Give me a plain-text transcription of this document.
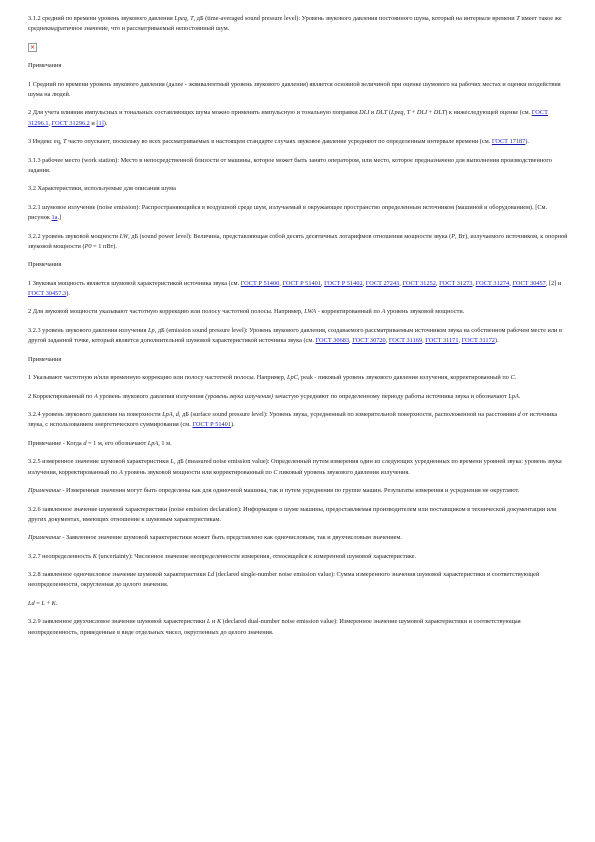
3.1.2 средний по времени уровень звукового давления Lpeq, T, дБ (time-averaged sound pressure level): Уровень звукового давления постоянного шума, который на интервале времени T имеет такое же среднеквадратичное значение, что и рассматриваемый непостоянный шум.
×
Примечания
1 Средний по времени уровень звукового давления (далее - эквивалентный уровень звукового давления) является основной величиной при оценке шумового на рабочих местах и оценки воздействия шума на людей.
2 Для учета влияния импульсных и тональных составляющих шума можно применять импульсную и тональную поправки DLI и DLT (Lpeq, T + DLI + DLT) к нижеследующей оценке (см. ГОСТ 31296.1, ГОСТ 31296.2 и [1]).
3 Индекс eq, T часто опускают, поскольку во всех рассматриваемых в настоящем стандарте случаях звуковое давление усредняют по определенным интервале времени (см. ГОСТ 17187).
3.1.3 рабочее место (work station): Место в непосредственной близости от машины, которое может быть занято оператором, или место, которое предназначено для выполнения производственного задания.
3.2 Характеристики, используемые для описания шума
3.2.1 шумовое излучение (noise emission): Распространяющийся в воздушной среде шум, излучаемый в окружающее пространство определенным источником (машиной и оборудованием). [См. рисунок 1а.]
3.2.2 уровень звуковой мощности LW, дБ (sound power level): Величина, представляющая собой десять десятичных логарифмов отношения мощности звука (P, Вт), излучаемого источником, к опорной звуковой мощности (P0 = 1 пВт).
Примечания
1 Звуковая мощность является шумовой характеристикой источника звука (см. ГОСТ Р 51400, ГОСТ Р 51401, ГОСТ Р 51402, ГОСТ 27243, ГОСТ 31252, ГОСТ 31273, ГОСТ 31274, ГОСТ 30457, [2] и ГОСТ 30457.3).
2 Для звуковой мощности указывают частотную коррекцию или полосу частотной полосы. Например, LWA - корректированный по А уровень звуковой мощности.
3.2.3 уровень звукового давления излучения Lp, дБ (emission sound pressure level): Уровень звукового давления, создаваемого рассматриваемым источником звука на собственном рабочем месте или в другой заданной точке, который является дополнительной шумовой характеристикой источника звука (см. ГОСТ 30683, ГОСТ 30720, ГОСТ 31169, ГОСТ 31171, ГОСТ 31172).
Примечания
1 Указывают частотную и/или временную коррекцию или полосу частотной полосы. Например, LpC, peak - пиковый уровень звукового давления излучения, корректированный по С.
2 Корректированный по А уровень звукового давления излучения (уровень звука излучения) зачастую усредняют по определенному периоду работы источника звука и обозначают LpA.
3.2.4 уровень звукового давления на поверхности LpA, d, дБ (surface sound pressure level): Уровень звука, усредненный по измерительной поверхности, расположенной на расстоянии d от источника звука, с использованием энергетического суммирования (см. ГОСТ Р 51401).
Примечание - Когда d = 1 м, его обозначают LpA, 1 м.
3.2.5 измеренное значение шумовой характеристики L, дБ (measured noise emission value): Определенный путем измерения один из следующих усредненных по времени уровней звука: уровень звука излучения, корректированный по А уровень звуковой мощности или корректированный по С пиковый уровень звукового давления излучения.
Примечание - Измеренные значения могут быть определены как для одиночной машины, так и путем усреднения по группе машин. Результаты измерения и усреднения не округляют.
3.2.6 заявленное значение шумовой характеристики (noise emission declaration): Информация о шуме машины, предоставляемая производителем или поставщиком в технической документации или других документах, имеющих отношение к шумовым характеристикам.
Примечание - Заявленное значение шумовой характеристики может быть представлено как одночисловым, так и двухчисловым значением.
3.2.7 неопределенность K (uncertainty): Численное значение неопределенности измерения, относящейся к измеренной шумовой характеристике.
3.2.8 заявленное одночисловое значение шумовой характеристики Ld (declared single-number noise emission value): Сумма измеренного значения шумовой характеристики и соответствующей неопределенности, округленная до целого значения.
Ld = L + K.
3.2.9 заявленное двухчисловое значение шумовой характеристики L и K (declared dual-number noise emission value): Измеренное значение шумовой характеристики и соответствующая неопределенность, приведенные в виде отдельных чисел, округленных до целого значения.
